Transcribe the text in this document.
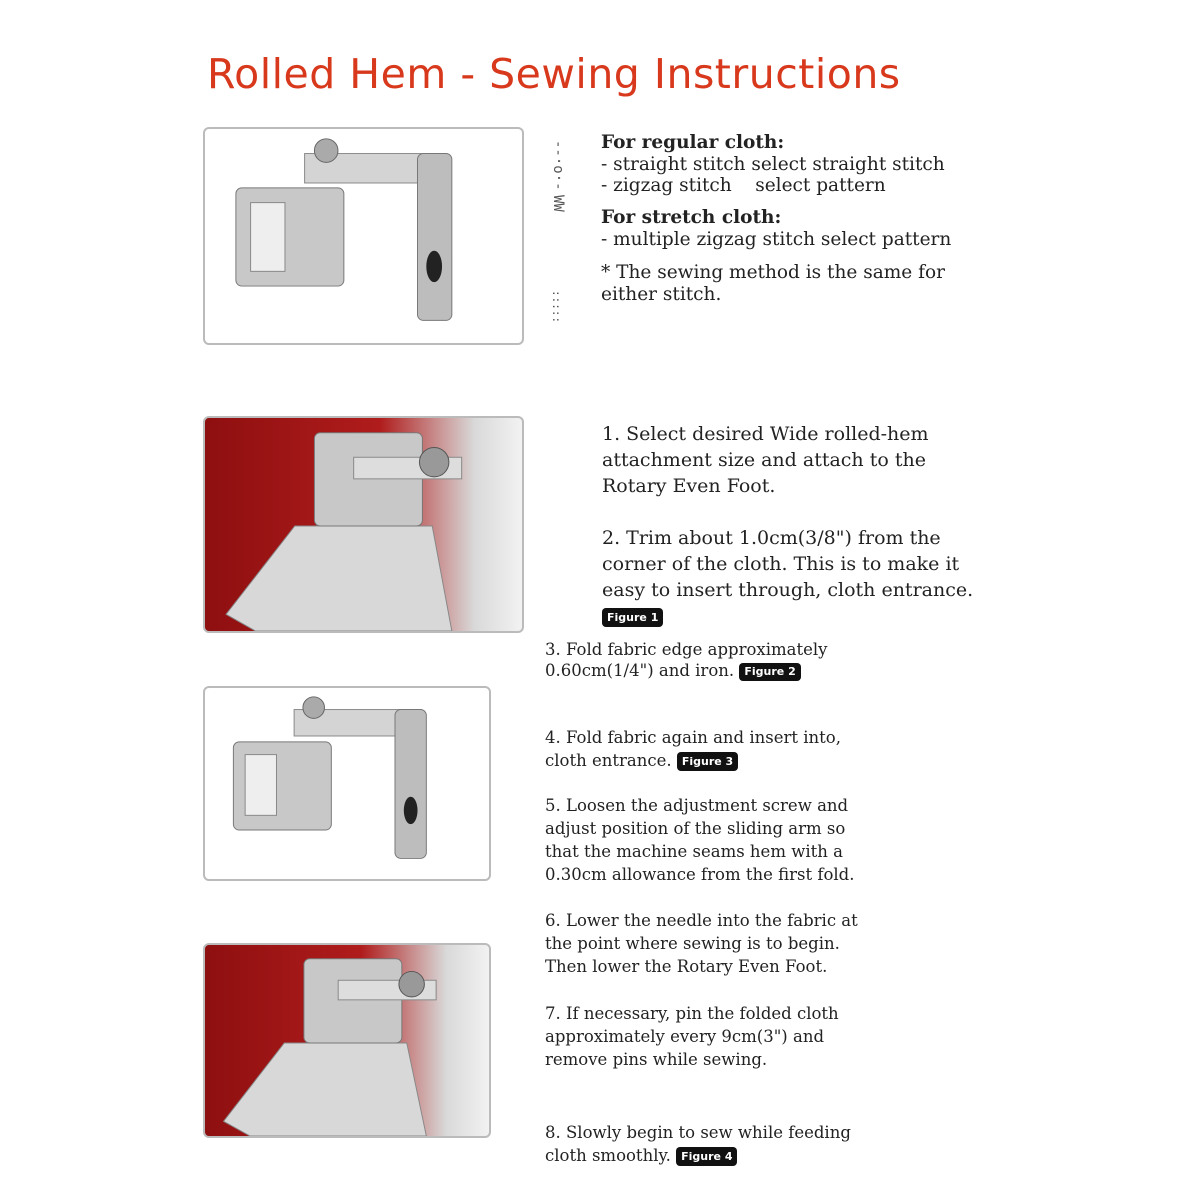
Rolled Hem - Sewing Instructions
--·o·-
WW
:::::
For regular cloth:
- straight stitch select straight stitch
- zigzag stitch    select pattern
For stretch cloth:
- multiple zigzag stitch select pattern
* The sewing method is the same for
either stitch.
1. Select desired Wide rolled-hem
attachment size and attach to the
Rotary Even Foot.
2. Trim about 1.0cm(3/8") from the
corner of the cloth. This is to make it
easy to insert through, cloth entrance.
Figure 1
3. Fold fabric edge approximately
0.60cm(1/4") and iron. Figure 2
4. Fold fabric again and insert into,
cloth entrance. Figure 3
5. Loosen the adjustment screw and
adjust position of the sliding arm so
that the machine seams hem with a
0.30cm allowance from the first fold.
6. Lower the needle into the fabric at
the point where sewing is to begin.
Then lower the Rotary Even Foot.
7. If necessary, pin the folded cloth
approximately every 9cm(3") and
remove pins while sewing.
8. Slowly begin to sew while feeding
cloth smoothly. Figure 4
